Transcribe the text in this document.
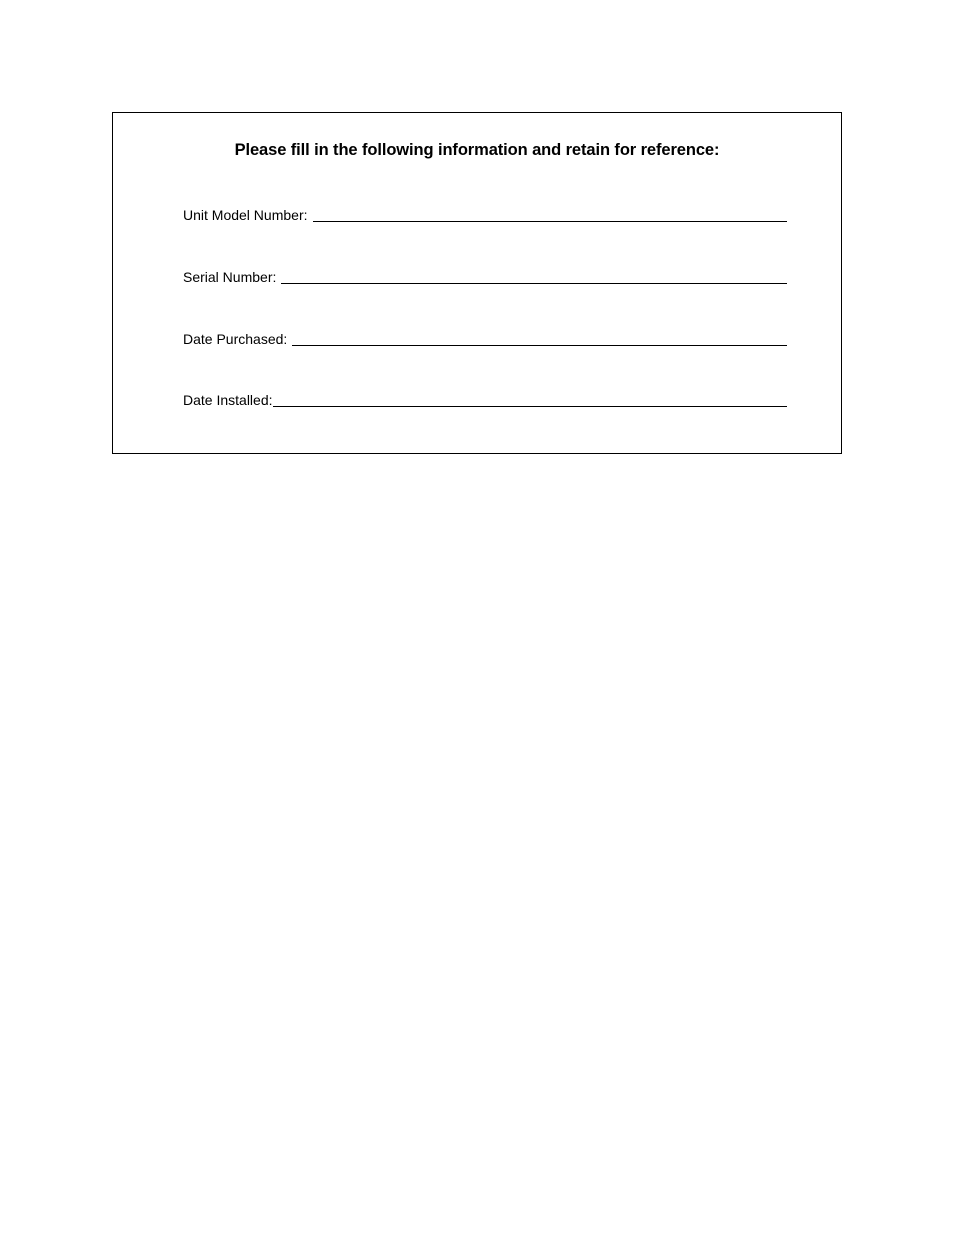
Please fill in the following information and retain for reference:

Unit Model Number:
Serial Number:
Date Purchased:
Date Installed:
